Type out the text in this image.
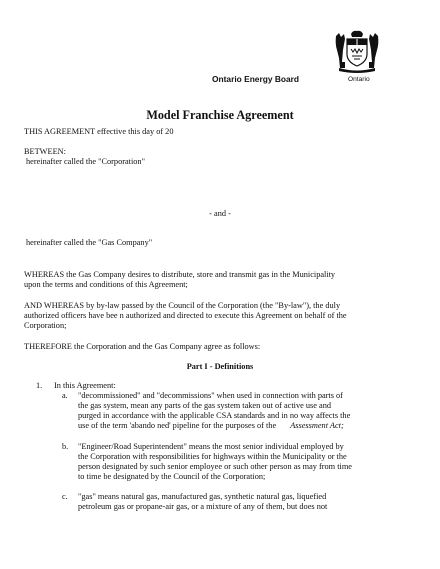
Ontario Energy Board	Ontario
Model Franchise Agreement
THIS AGREEMENT effective this day of 20
BETWEEN:
hereinafter called the "Corporation"
- and -
hereinafter called the "Gas Company"
WHEREAS the Gas Company desires to distribute, store and transmit gas in the Municipality
upon the terms and conditions of this Agreement;
AND WHEREAS by by-law passed by the Council of the Corporation (the "By-law"), the duly
authorized officers have bee n authorized and directed to execute this Agreement on behalf of the
Corporation;
THEREFORE the Corporation and the Gas Company agree as follows:
Part I - Definitions
1. In this Agreement:
a. "decommissioned" and "decommissions" when used in connection with parts of
the gas system, mean any parts of the gas system taken out of active use and
purged in accordance with the applicable CSA standards and in no way affects the
use of the term 'abando ned' pipeline for the purposes of the Assessment Act;
b. "Engineer/Road Superintendent" means the most senior individual employed by
the Corporation with responsibilities for highways within the Municipality or the
person designated by such senior employee or such other person as may from time
to time be designated by the Council of the Corporation;
c. "gas" means natural gas, manufactured gas, synthetic natural gas, liquefied
petroleum gas or propane-air gas, or a mixture of any of them, but does not
